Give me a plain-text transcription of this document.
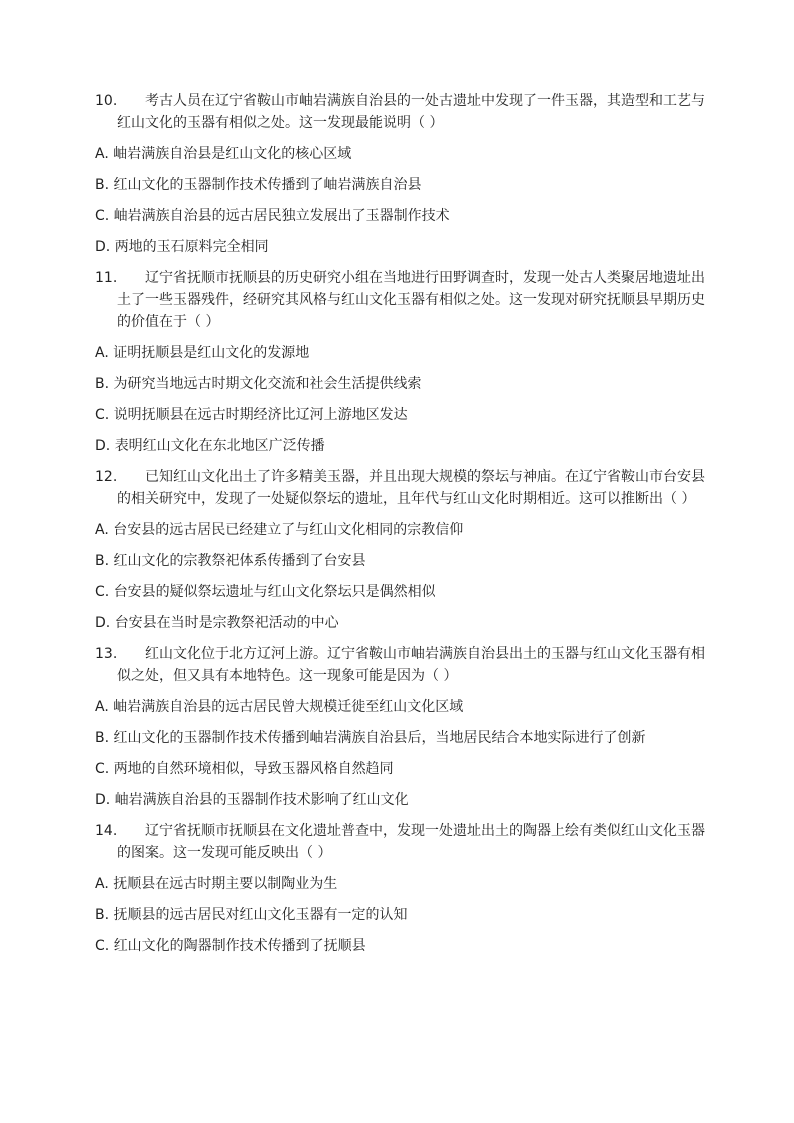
10.	考古人员在辽宁省鞍山市岫岩满族自治县的一处古遗址中发现了一件玉器，其造型和工艺与红山文化的玉器有相似之处。这一发现最能说明（ ）
A. 岫岩满族自治县是红山文化的核心区域
B. 红山文化的玉器制作技术传播到了岫岩满族自治县
C. 岫岩满族自治县的远古居民独立发展出了玉器制作技术
D. 两地的玉石原料完全相同
11.	辽宁省抚顺市抚顺县的历史研究小组在当地进行田野调查时，发现一处古人类聚居地遗址出土了一些玉器残件，经研究其风格与红山文化玉器有相似之处。这一发现对研究抚顺县早期历史的价值在于（ ）
A. 证明抚顺县是红山文化的发源地
B. 为研究当地远古时期文化交流和社会生活提供线索
C. 说明抚顺县在远古时期经济比辽河上游地区发达
D. 表明红山文化在东北地区广泛传播
12.	已知红山文化出土了许多精美玉器，并且出现大规模的祭坛与神庙。在辽宁省鞍山市台安县的相关研究中，发现了一处疑似祭坛的遗址，且年代与红山文化时期相近。这可以推断出（ ）
A. 台安县的远古居民已经建立了与红山文化相同的宗教信仰
B. 红山文化的宗教祭祀体系传播到了台安县
C. 台安县的疑似祭坛遗址与红山文化祭坛只是偶然相似
D. 台安县在当时是宗教祭祀活动的中心
13.	红山文化位于北方辽河上游。辽宁省鞍山市岫岩满族自治县出土的玉器与红山文化玉器有相似之处，但又具有本地特色。这一现象可能是因为（ ）
A. 岫岩满族自治县的远古居民曾大规模迁徙至红山文化区域
B. 红山文化的玉器制作技术传播到岫岩满族自治县后，当地居民结合本地实际进行了创新
C. 两地的自然环境相似，导致玉器风格自然趋同
D. 岫岩满族自治县的玉器制作技术影响了红山文化
14.	辽宁省抚顺市抚顺县在文化遗址普查中，发现一处遗址出土的陶器上绘有类似红山文化玉器的图案。这一发现可能反映出（ ）
A. 抚顺县在远古时期主要以制陶业为生
B. 抚顺县的远古居民对红山文化玉器有一定的认知
C. 红山文化的陶器制作技术传播到了抚顺县
